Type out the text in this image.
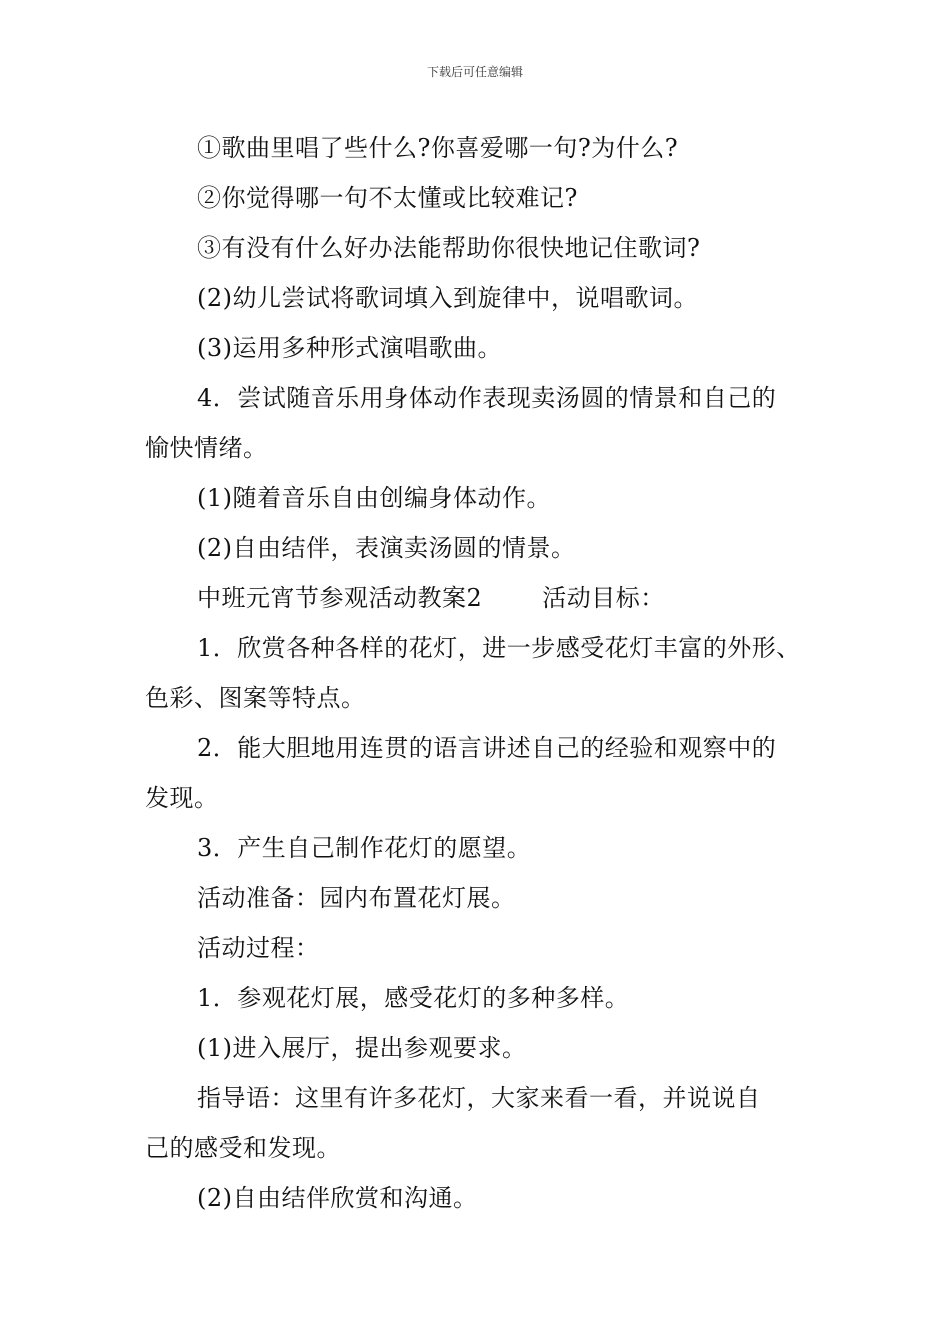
下载后可任意编辑

①歌曲里唱了些什么?你喜爱哪一句?为什么?

②你觉得哪一句不太懂或比较难记?

③有没有什么好办法能帮助你很快地记住歌词?

(2)幼儿尝试将歌词填入到旋律中，说唱歌词。

(3)运用多种形式演唱歌曲。

4．尝试随音乐用身体动作表现卖汤圆的情景和自己的

愉快情绪。

(1)随着音乐自由创编身体动作。

(2)自由结伴，表演卖汤圆的情景。

中班元宵节参观活动教案2	活动目标：

1．欣赏各种各样的花灯，进一步感受花灯丰富的外形、

色彩、图案等特点。

2．能大胆地用连贯的语言讲述自己的经验和观察中的

发现。

3．产生自己制作花灯的愿望。

活动准备：园内布置花灯展。

活动过程：

1．参观花灯展，感受花灯的多种多样。

(1)进入展厅，提出参观要求。

指导语：这里有许多花灯，大家来看一看，并说说自

己的感受和发现。

(2)自由结伴欣赏和沟通。
